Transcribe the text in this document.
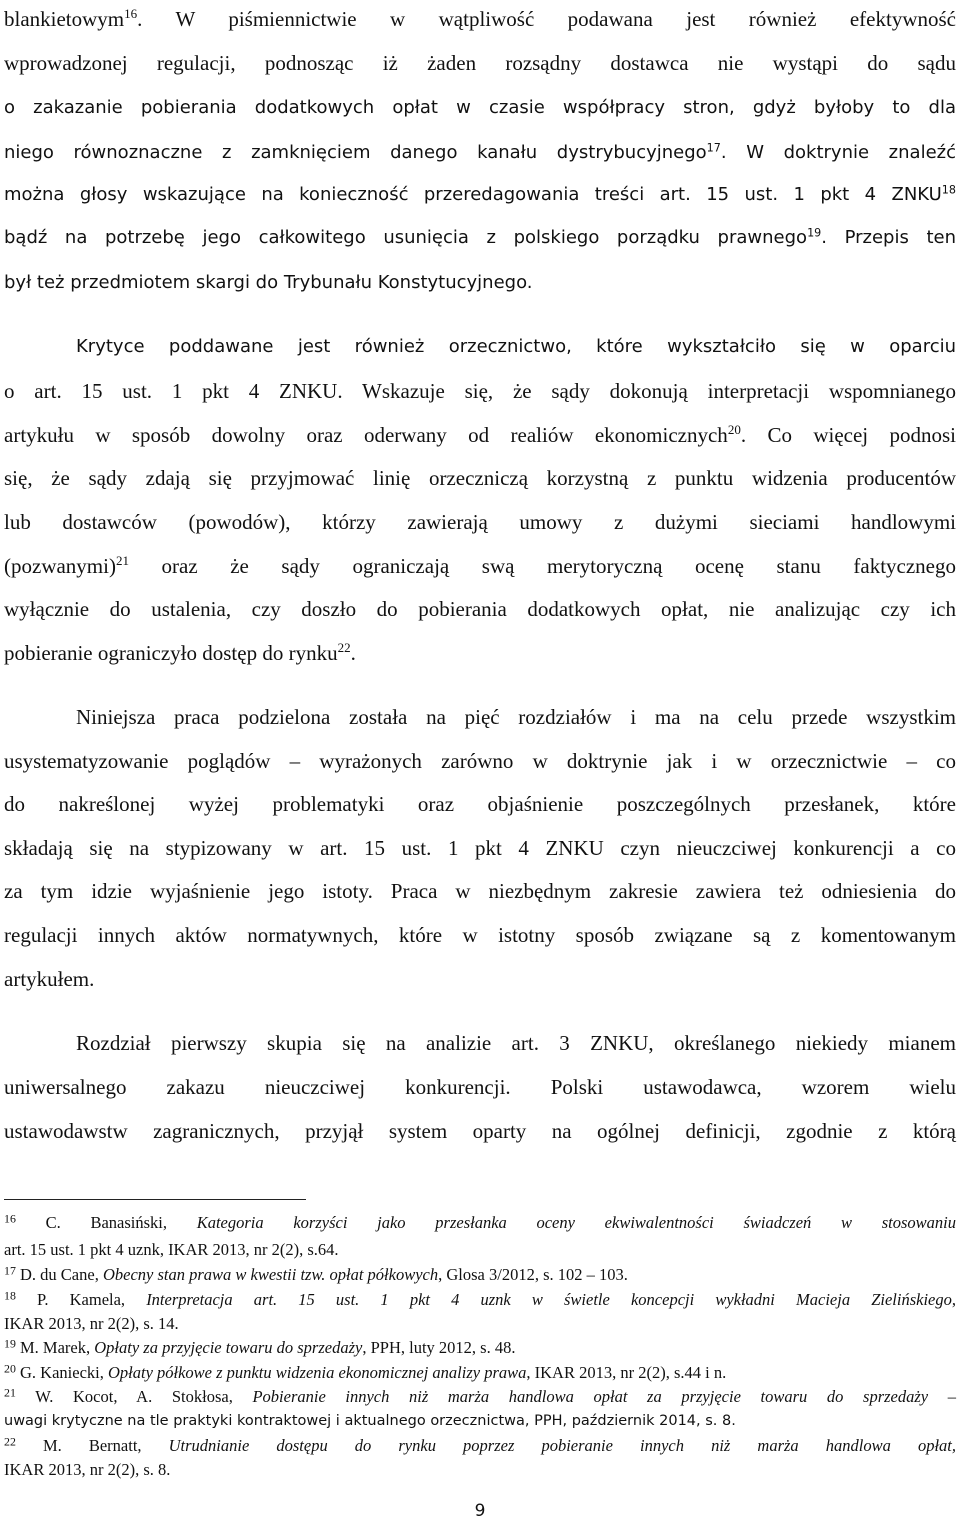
blankietowym$^{16}$. W piśmiennictwie w wątpliwość podawana jest również efektywność
wprowadzonej regulacji, podnosząc iż żaden rozsądny dostawca nie wystąpi do sądu
o zakazanie pobierania dodatkowych opłat w czasie współpracy stron, gdyż byłoby to dla
niego równoznaczne z zamknięciem danego kanału dystrybucyjnego$^{17}$. W doktrynie znaleźć
można głosy wskazujące na konieczność przeredagowania treści art. 15 ust. 1 pkt 4 ZNKU$^{18}$
bądź na potrzebę jego całkowitego usunięcia z polskiego porządku prawnego$^{19}$. Przepis ten
był też przedmiotem skargi do Trybunału Konstytucyjnego.
Krytyce poddawane jest również orzecznictwo, które wykształciło się w oparciu
o art. 15 ust. 1 pkt 4 ZNKU. Wskazuje się, że sądy dokonują interpretacji wspomnianego
artykułu w sposób dowolny oraz oderwany od realiów ekonomicznych$^{20}$. Co więcej podnosi
się, że sądy zdają się przyjmować linię orzeczniczą korzystną z punktu widzenia producentów
lub dostawców (powodów), którzy zawierają umowy z dużymi sieciami handlowymi
(pozwanymi)$^{21}$ oraz że sądy ograniczają swą merytoryczną ocenę stanu faktycznego
wyłącznie do ustalenia, czy doszło do pobierania dodatkowych opłat, nie analizując czy ich
pobieranie ograniczyło dostęp do rynku$^{22}$.
Niniejsza praca podzielona została na pięć rozdziałów i ma na celu przede wszystkim
usystematyzowanie poglądów – wyrażonych zarówno w doktrynie jak i w orzecznictwie – co
do nakreślonej wyżej problematyki oraz objaśnienie poszczególnych przesłanek, które
składają się na stypizowany w art. 15 ust. 1 pkt 4 ZNKU czyn nieuczciwej konkurencji a co
za tym idzie wyjaśnienie jego istoty. Praca w niezbędnym zakresie zawiera też odniesienia do
regulacji innych aktów normatywnych, które w istotny sposób związane są z komentowanym
artykułem.
Rozdział pierwszy skupia się na analizie art. 3 ZNKU, określanego niekiedy mianem
uniwersalnego zakazu nieuczciwej konkurencji. Polski ustawodawca, wzorem wielu
ustawodawstw zagranicznych, przyjął system oparty na ogólnej definicji, zgodnie z którą
$^{16}$ C. Banasiński, Kategoria korzyści jako przesłanka oceny ekwiwalentności świadczeń w stosowaniu
art. 15 ust. 1 pkt 4 uznk, IKAR 2013, nr 2(2), s.64.
$^{17}$ D. du Cane, Obecny stan prawa w kwestii tzw. opłat półkowych, Glosa 3/2012, s. 102 – 103.
$^{18}$ P. Kamela, Interpretacja art. 15 ust. 1 pkt 4 uznk w świetle koncepcji wykładni Macieja Zielińskiego,
IKAR 2013, nr 2(2), s. 14.
$^{19}$ M. Marek, Opłaty za przyjęcie towaru do sprzedaży, PPH, luty 2012, s. 48.
$^{20}$ G. Kaniecki, Opłaty półkowe z punktu widzenia ekonomicznej analizy prawa, IKAR 2013, nr 2(2), s.44 i n.
$^{21}$ W. Kocot, A. Stokłosa, Pobieranie innych niż marża handlowa opłat za przyjęcie towaru do sprzedaży –
uwagi krytyczne na tle praktyki kontraktowej i aktualnego orzecznictwa, PPH, październik 2014, s. 8.
$^{22}$ M. Bernatt, Utrudnianie dostępu do rynku poprzez pobieranie innych niż marża handlowa opłat,
IKAR 2013, nr 2(2), s. 8.
9
